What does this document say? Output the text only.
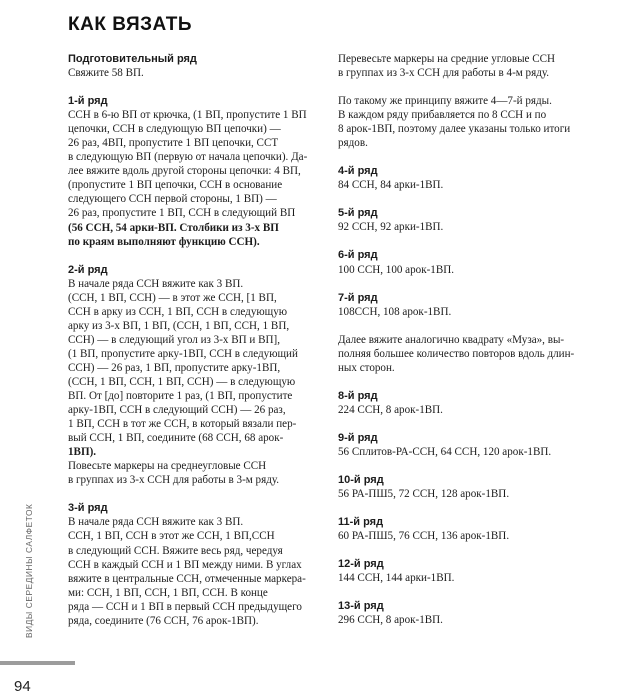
КАК ВЯЗАТЬ
Подготовительный ряд
Свяжите 58 ВП.
1-й ряд
ССН в 6-ю ВП от крючка, (1 ВП, пропустите 1 ВП
цепочки, ССН в следующую ВП цепочки) —
26 раз, 4ВП, пропустите 1 ВП цепочки, ССТ
в следующую ВП (первую от начала цепочки). Да-
лее вяжите вдоль другой стороны цепочки: 4 ВП,
(пропустите 1 ВП цепочки, ССН в основание
следующего ССН первой стороны, 1 ВП) —
26 раз, пропустите 1 ВП, ССН в следующий ВП
(56 ССН, 54 арки-ВП. Столбики из 3-х ВП
по краям выполняют функцию ССН).
2-й ряд
В начале ряда ССН вяжите как 3 ВП.
(ССН, 1 ВП, ССН) — в этот же ССН, [1 ВП,
ССН в арку из ССН, 1 ВП, ССН в следующую
арку из 3-х ВП, 1 ВП, (ССН, 1 ВП, ССН, 1 ВП,
ССН) — в следующий угол из 3-х ВП и ВП],
(1 ВП, пропустите арку-1ВП, ССН в следующий
ССН) — 26 раз, 1 ВП, пропустите арку-1ВП,
(ССН, 1 ВП, ССН, 1 ВП, ССН) — в следующую
ВП. От [до] повторите 1 раз, (1 ВП, пропустите
арку-1ВП, ССН в следующий ССН) — 26 раз,
1 ВП, ССН в тот же ССН, в который вязали пер-
вый ССН, 1 ВП, соедините (68 ССН, 68 арок-
1ВП).
Повесьте маркеры на среднеугловые ССН
в группах из 3-х ССН для работы в 3-м ряду.
3-й ряд
В начале ряда ССН вяжите как 3 ВП.
ССН, 1 ВП, ССН в этот же ССН, 1 ВП,ССН
в следующий ССН. Вяжите весь ряд, чередуя
ССН в каждый ССН и 1 ВП между ними. В углах
вяжите в центральные ССН, отмеченные маркера-
ми: ССН, 1 ВП, ССН, 1 ВП, ССН. В конце
ряда — ССН и 1 ВП в первый ССН предыдущего
ряда, соедините (76 ССН, 76 арок-1ВП).
Перевесьте маркеры на средние угловые ССН
в группах из 3-х ССН для работы в 4-м ряду.
По такому же принципу вяжите 4—7-й ряды.
В каждом ряду прибавляется по 8 ССН и по
8 арок-1ВП, поэтому далее указаны только итоги
рядов.
4-й ряд
84 ССН, 84 арки-1ВП.
5-й ряд
92 ССН, 92 арки-1ВП.
6-й ряд
100 ССН, 100 арок-1ВП.
7-й ряд
108ССН, 108 арок-1ВП.
Далее вяжите аналогично квадрату «Муза», вы-
полняя большее количество повторов вдоль длин-
ных сторон.
8-й ряд
224 ССН, 8 арок-1ВП.
9-й ряд
56 Сплитов-РА-ССН, 64 ССН, 120 арок-1ВП.
10-й ряд
56 РА-ПШ5, 72 ССН, 128 арок-1ВП.
11-й ряд
60 РА-ПШ5, 76 ССН, 136 арок-1ВП.
12-й ряд
144 ССН, 144 арки-1ВП.
13-й ряд
296 ССН, 8 арок-1ВП.
ВИДЫ СЕРЕДИНЫ САЛФЕТОК
94
